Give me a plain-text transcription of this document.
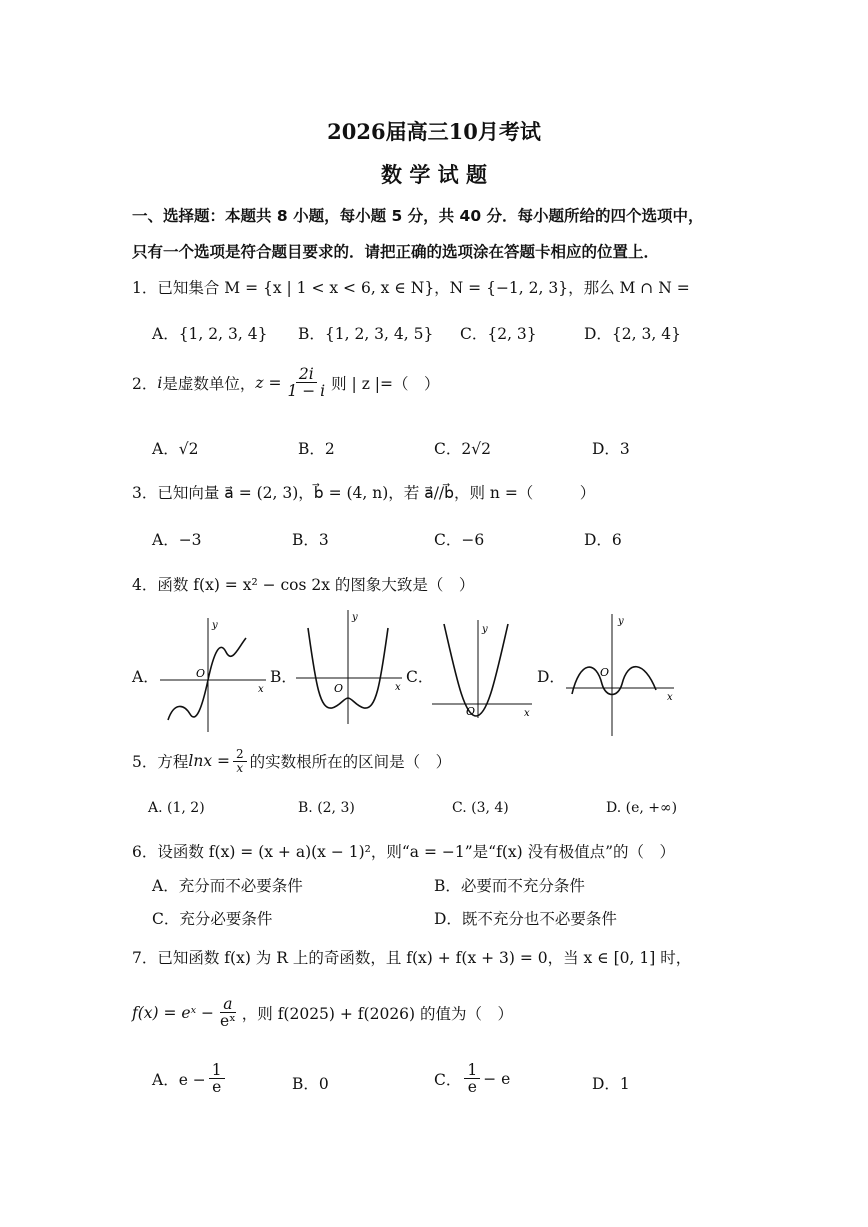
2026届高三10月考试
数 学 试 题
一、选择题：本题共 8 小题，每小题 5 分，共 40 分．每小题所给的四个选项中，
只有一个选项是符合题目要求的．请把正确的选项涂在答题卡相应的位置上．
1．已知集合 M = {x | 1 < x < 6, x ∈ N}，N = {−1, 2, 3}，那么 M ∩ N =
A．{1, 2, 3, 4} B．{1, 2, 3, 4, 5} C．{2, 3}	D．{2, 3, 4}
2． i 是虚数单位， $z = \frac{2i}{1 - i}$ 则 | z |=（　）
A．√2	B．2	C．2√2	D．3
3．已知向量 a⃗ = (2, 3)，b⃗ = (4, n)，若 a⃗//b⃗，则 n =（　　　）
A．−3	B．3	C．−6	D．6
4．函数 f(x) = x² − cos 2x 的图象大致是（　）
A．	B．	C．	D．
y
x
O
y
x
O
y
x
O
y
x
O
5．方程 $\ln x = \frac{2}{x}$ 的实数根所在的区间是（　）
A. (1, 2)	B. (2, 3)	C. (3, 4)	D. (e, +∞)
6．设函数 f(x) = (x + a)(x − 1)²，则“a = −1”是“f(x) 没有极值点”的（　）
A．充分而不必要条件	B．必要而不充分条件
C．充分必要条件	D．既不充分也不必要条件
7．已知函数 f(x) 为 R 上的奇函数，且 f(x) + f(x + 3) = 0，当 x ∈ [0, 1] 时，
f(x) = eˣ − $\frac{a}{\text{eˣ}}$ ，则 f(2025) + f(2026) 的值为（　）
A．$e - \frac{1}{e}$	B．0	C． $\frac{1}{e} - e$	D．1
